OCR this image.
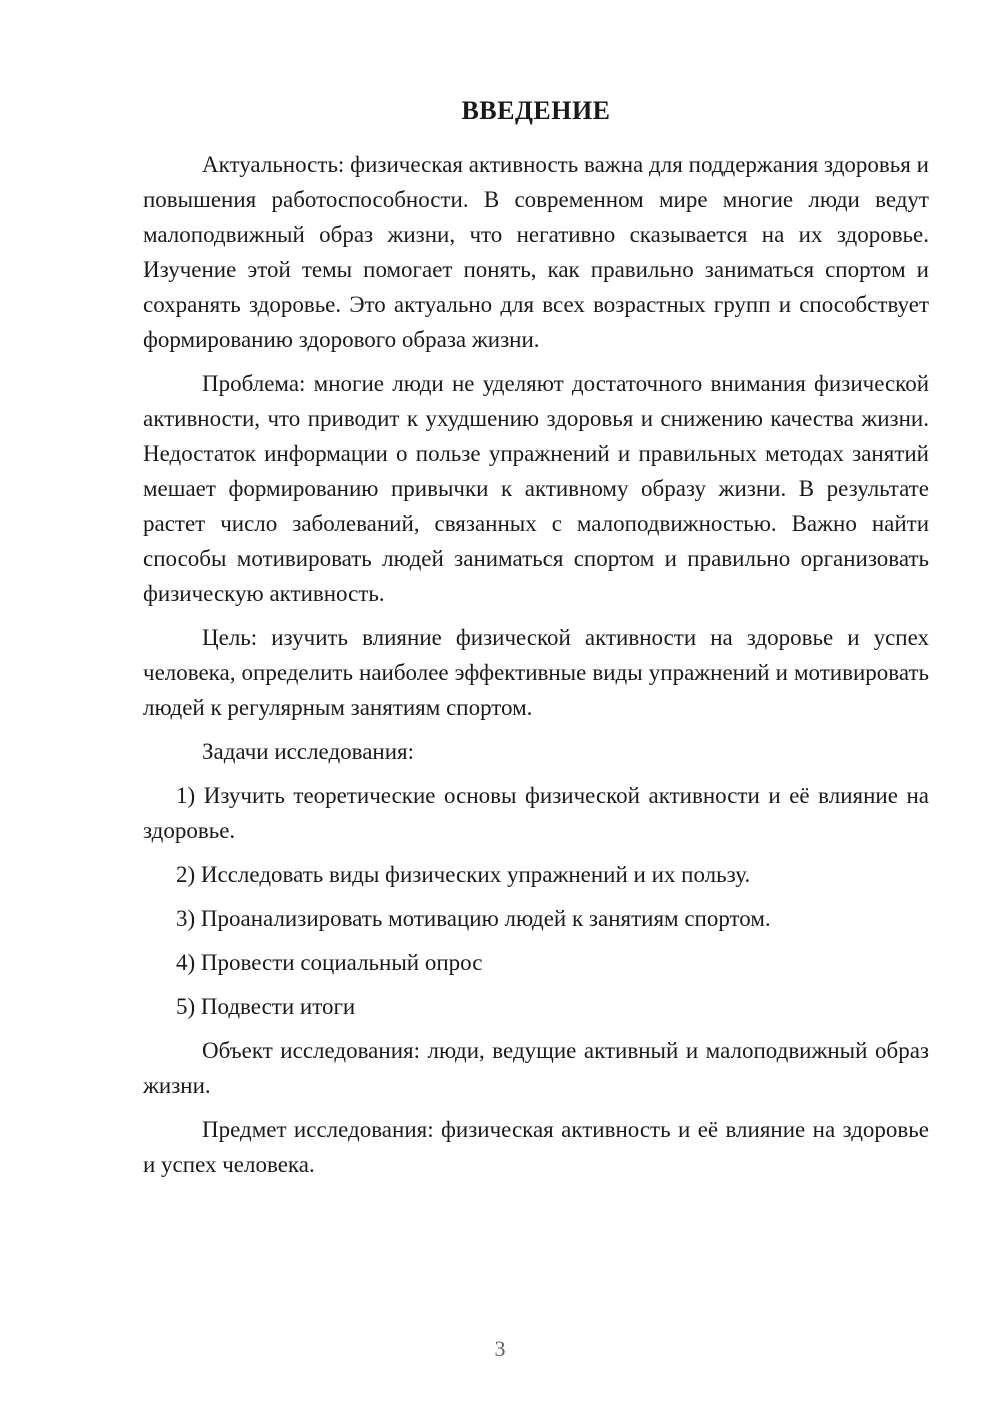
ВВЕДЕНИЕ

Актуальность: физическая активность важна для поддержания здоровья и повышения работоспособности. В современном мире многие люди ведут малоподвижный образ жизни, что негативно сказывается на их здоровье. Изучение этой темы помогает понять, как правильно заниматься спортом и сохранять здоровье. Это актуально для всех возрастных групп и способствует формированию здорового образа жизни.

Проблема: многие люди не уделяют достаточного внимания физической активности, что приводит к ухудшению здоровья и снижению качества жизни. Недостаток информации о пользе упражнений и правильных методах занятий мешает формированию привычки к активному образу жизни. В результате растет число заболеваний, связанных с малоподвижностью. Важно найти способы мотивировать людей заниматься спортом и правильно организовать физическую активность.

Цель: изучить влияние физической активности на здоровье и успех человека, определить наиболее эффективные виды упражнений и мотивировать людей к регулярным занятиям спортом.

Задачи исследования:

1) Изучить теоретические основы физической активности и её влияние на здоровье.

2) Исследовать виды физических упражнений и их пользу.

3) Проанализировать мотивацию людей к занятиям спортом.

4) Провести социальный опрос

5) Подвести итоги

Объект исследования: люди, ведущие активный и малоподвижный образ жизни.

Предмет исследования: физическая активность и её влияние на здоровье и успех человека.

3
